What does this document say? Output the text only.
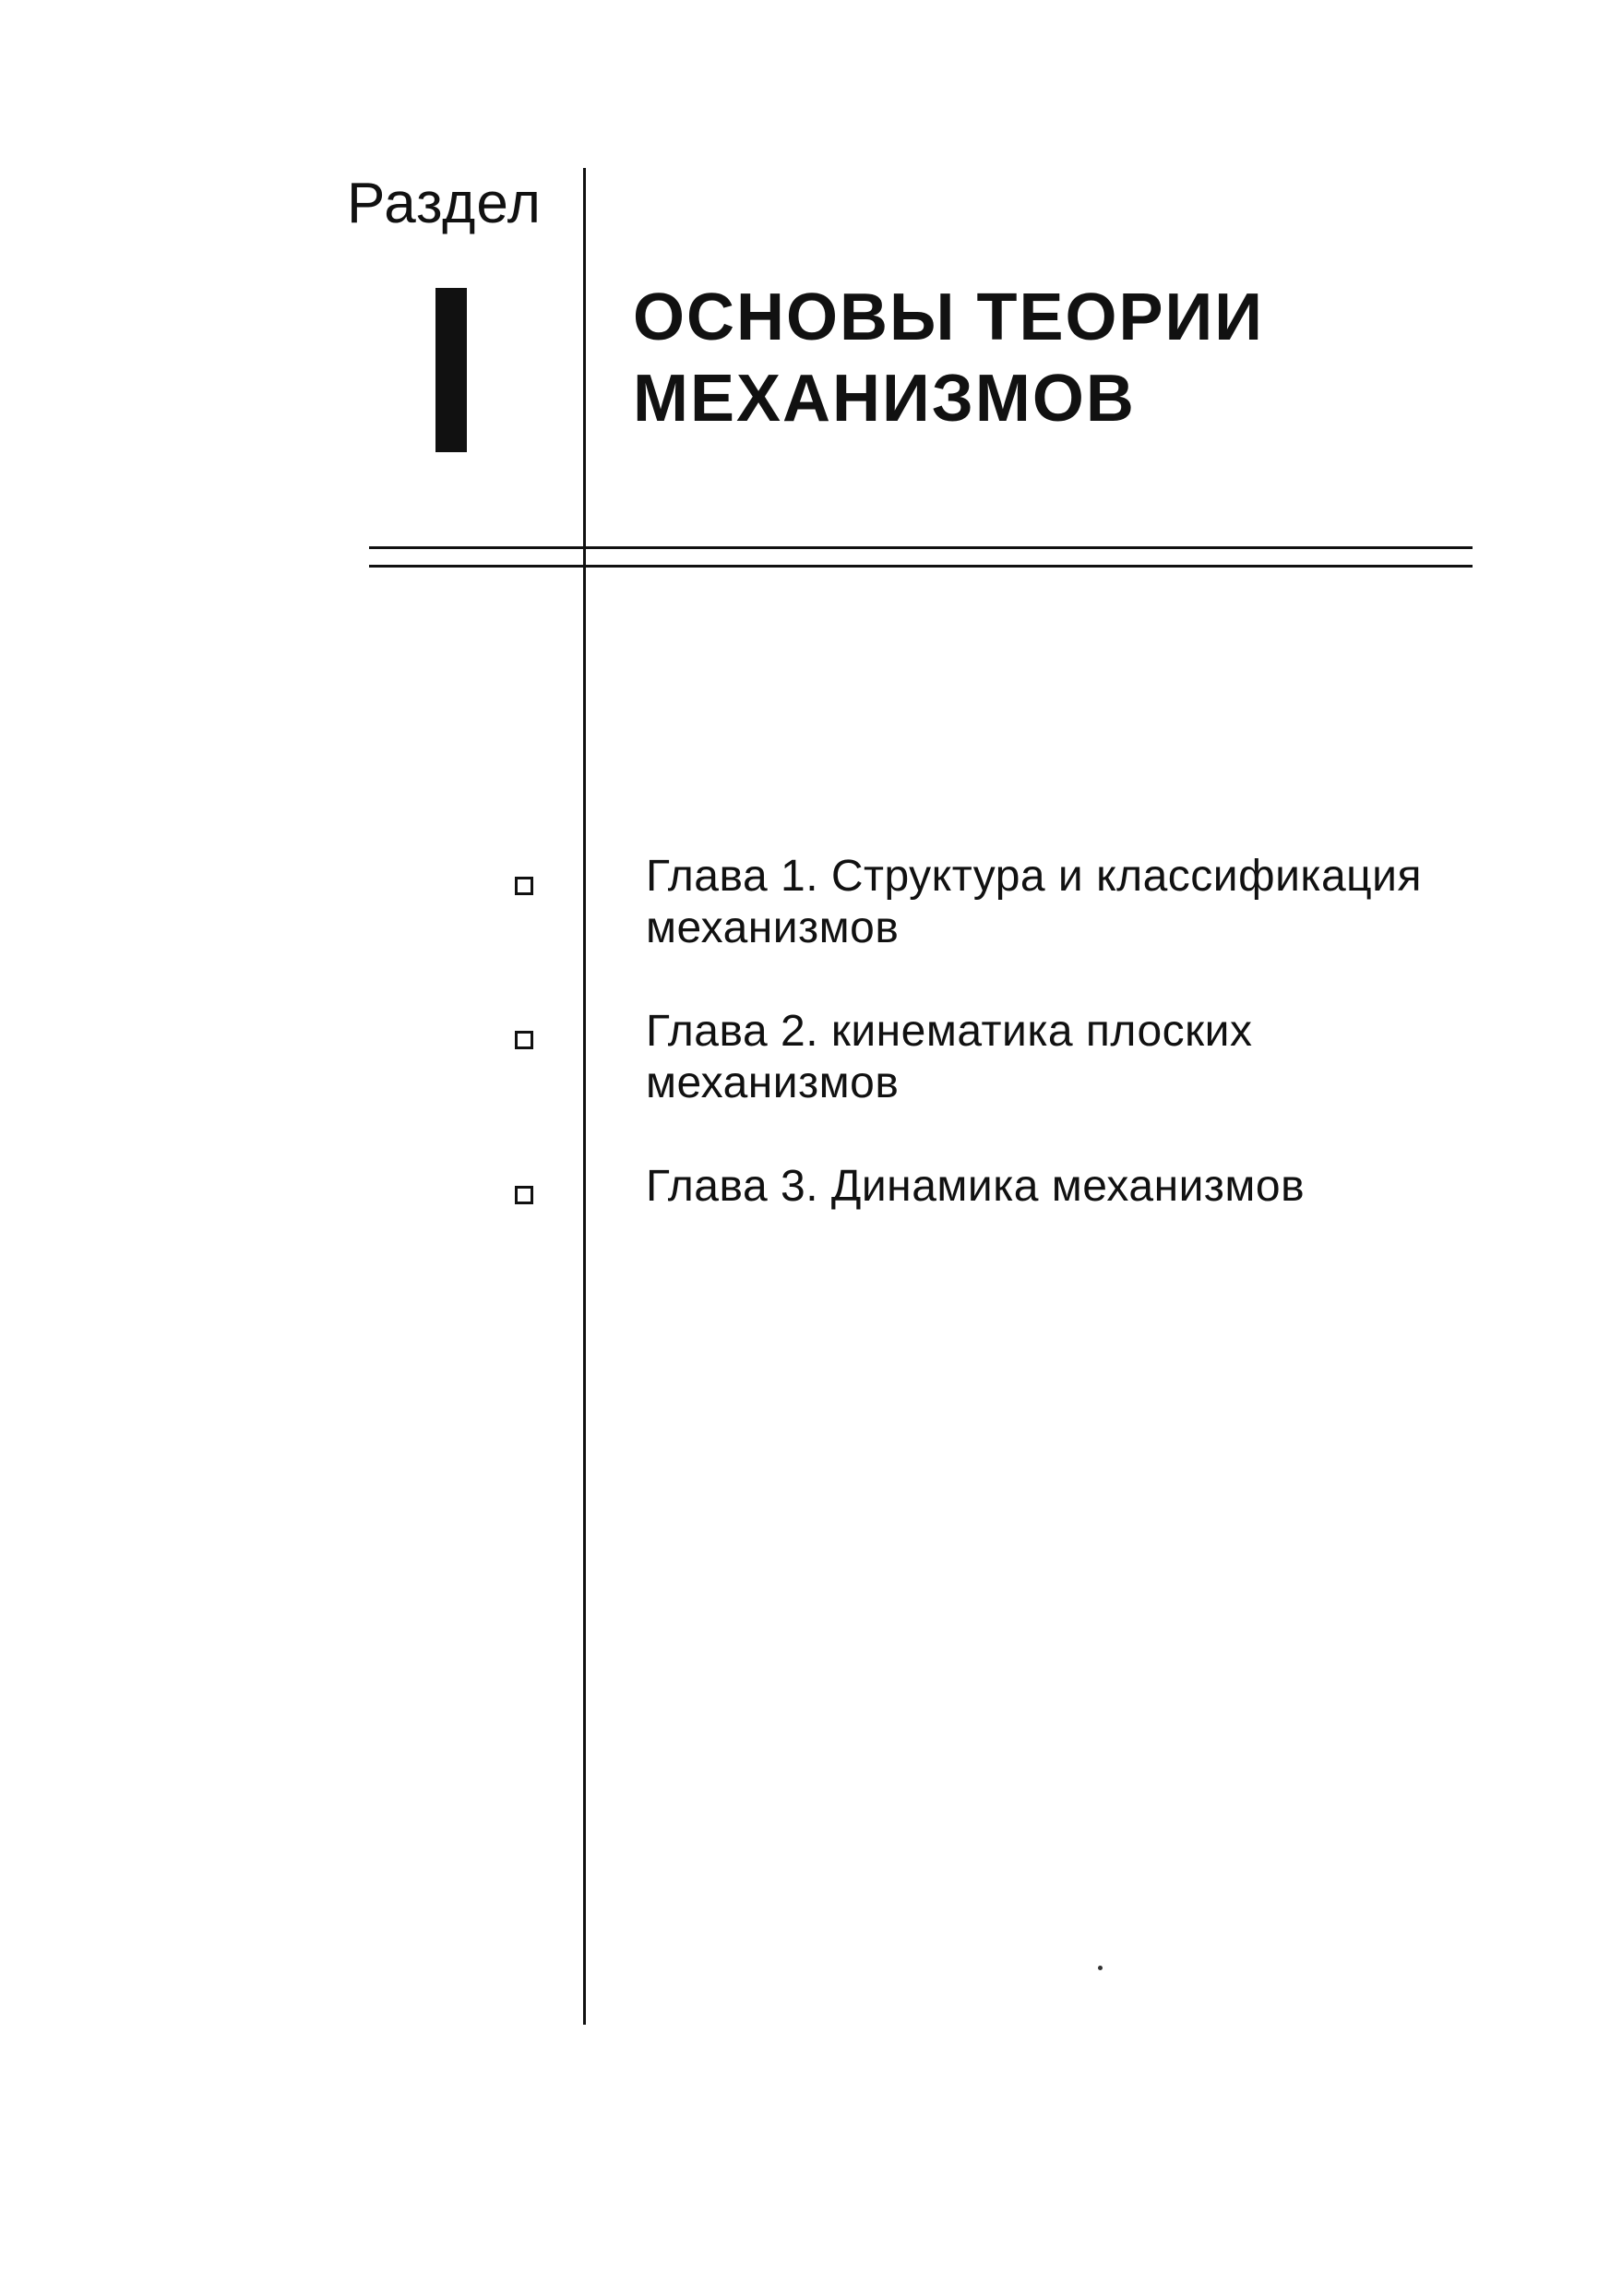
Раздел
ОСНОВЫ ТЕОРИИ
МЕХАНИЗМОВ
Глава 1. Структура и классификация
механизмов
Глава 2. кинематика плоских
механизмов
Глава 3. Динамика механизмов
